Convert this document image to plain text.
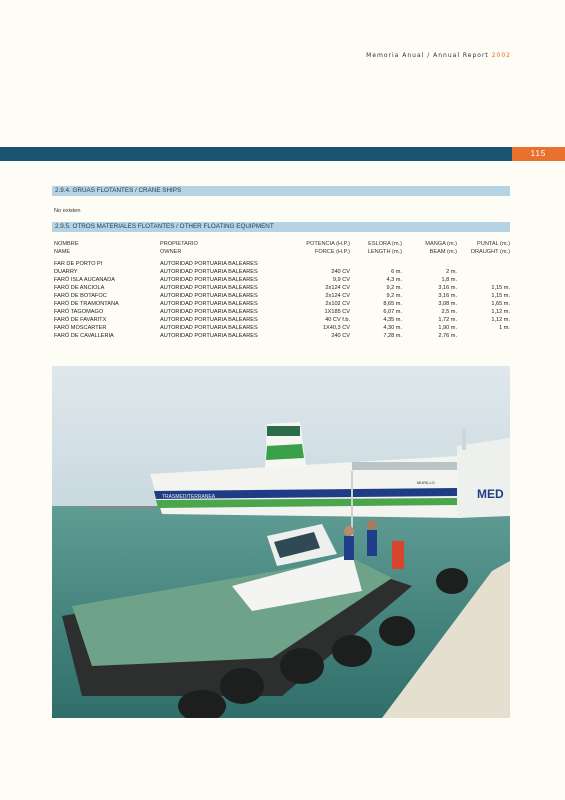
Memoria Anual / Annual Report 2002
115
2.9.4. GRUAS FLOTANTES / CRANE SHIPS
No existen
2.9.5. OTROS MATERIALES FLOTANTES / OTHER FLOATING EQUIPMENT
NOMBRE	PROPIETARIO	POTENCIA (H.P.)	ESLORA (m.)	MANGA (m.)	PUNTAL (m.)
NAME	OWNER	FORCE (H.P.)	LENGTH (m.)	BEAM (m.)	DRAUGHT (m.)

FAR DE PORTO PI	AUTORIDAD PORTUARIA BALEARES				
DUARRY	AUTORIDAD PORTUARIA BALEARES	240 CV	6 m.	2 m.	
FARÓ ISLA AUCANADA	AUTORIDAD PORTUARIA BALEARES	9,9 CV	4,3 m.	1,8 m.	
FARÓ DE ANCIOLA	AUTORIDAD PORTUARIA BALEARES	2x124 CV	9,2 m.	3,16 m.	1,15 m.
FARÓ DE BOTAFOC	AUTORIDAD PORTUARIA BALEARES	2x124 CV	9,2 m.	3,16 m.	1,15 m.
FARÓ DE TRAMONTANA	AUTORIDAD PORTUARIA BALEARES	2x102 CV	8,65 m.	3,08 m.	1,65 m.
FARÓ TAGOMAGO	AUTORIDAD PORTUARIA BALEARES	1X185 CV	6,07 m.	2,5 m.	1,12 m.
FARÓ DE FAVARITX	AUTORIDAD PORTUARIA BALEARES	40 CV f.b.	4,35 m.	1,72 m.	1,12 m.
FARÓ MOSCARTER	AUTORIDAD PORTUARIA BALEARES	1X40,3 CV	4,30 m.	1,90 m.	1 m.
FARÓ DE CAVALLERIA	AUTORIDAD PORTUARIA BALEARES	240 CV	7,28 m.	2,76 m.	
TRASMEDITERRANEA
MURILLO
MED
